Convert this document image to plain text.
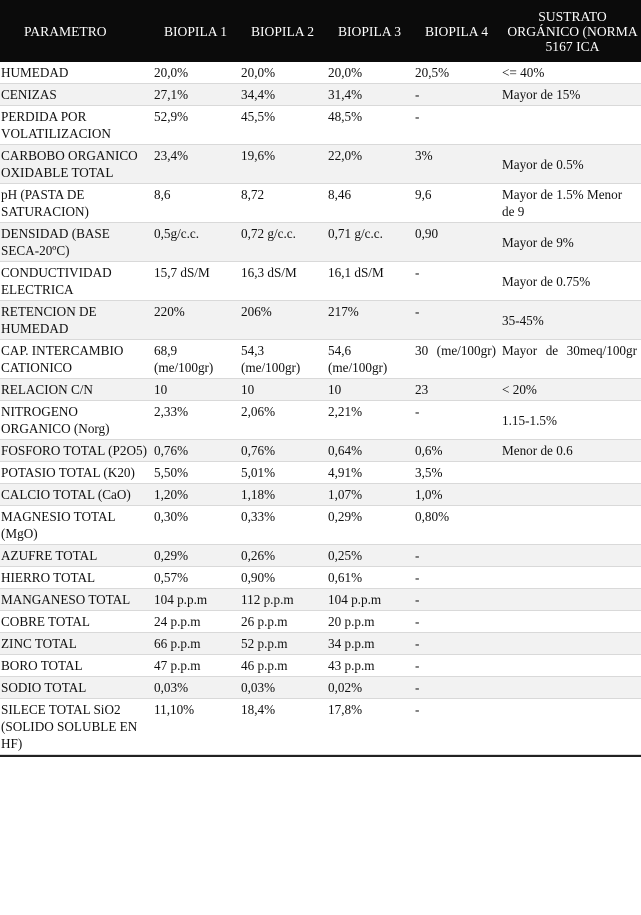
PARAMETRO	BIOPILA 1	BIOPILA 2	BIOPILA 3	BIOPILA 4	SUSTRATO ORGÁNICO (NORMA 5167 ICA
HUMEDAD	20,0%	20,0%	20,0%	20,5%	<= 40%
CENIZAS	27,1%	34,4%	31,4%	-	Mayor de 15%
PERDIDA POR VOLATILIZACION	52,9%	45,5%	48,5%	-	
CARBOBO ORGANICO OXIDABLE TOTAL	23,4%	19,6%	22,0%	3%	Mayor de 0.5%
pH (PASTA DE SATURACION)	8,6	8,72	8,46	9,6	Mayor de 1.5% Menor de 9
DENSIDAD (BASE SECA-20ºC)	0,5g/c.c.	0,72 g/c.c.	0,71 g/c.c.	0,90	Mayor de 9%
CONDUCTIVIDAD ELECTRICA	15,7 dS/M	16,3 dS/M	16,1 dS/M	-	Mayor de 0.75%
RETENCION DE HUMEDAD	220%	206%	217%	-	35-45%
CAP. INTERCAMBIO CATIONICO	68,9 (me/100gr)	54,3 (me/100gr)	54,6 (me/100gr)	30 (me/100gr)	Mayor de 30meq/100gr
RELACION C/N	10	10	10	23	< 20%
NITROGENO ORGANICO (Norg)	2,33%	2,06%	2,21%	-	1.15-1.5%
FOSFORO TOTAL (P2O5)	0,76%	0,76%	0,64%	0,6%	Menor de 0.6
POTASIO TOTAL (K20)	5,50%	5,01%	4,91%	3,5%	
CALCIO TOTAL (CaO)	1,20%	1,18%	1,07%	1,0%	
MAGNESIO TOTAL (MgO)	0,30%	0,33%	0,29%	0,80%	
AZUFRE TOTAL	0,29%	0,26%	0,25%	-	
HIERRO TOTAL	0,57%	0,90%	0,61%	-	
MANGANESO TOTAL	104 p.p.m	112 p.p.m	104 p.p.m	-	
COBRE TOTAL	24 p.p.m	26 p.p.m	20 p.p.m	-	
ZINC TOTAL	66 p.p.m	52 p.p.m	34 p.p.m	-	
BORO TOTAL	47 p.p.m	46 p.p.m	43 p.p.m	-	
SODIO TOTAL	0,03%	0,03%	0,02%	-	
SILECE TOTAL SiO2 (SOLIDO SOLUBLE EN HF)	11,10%	18,4%	17,8%	-	
